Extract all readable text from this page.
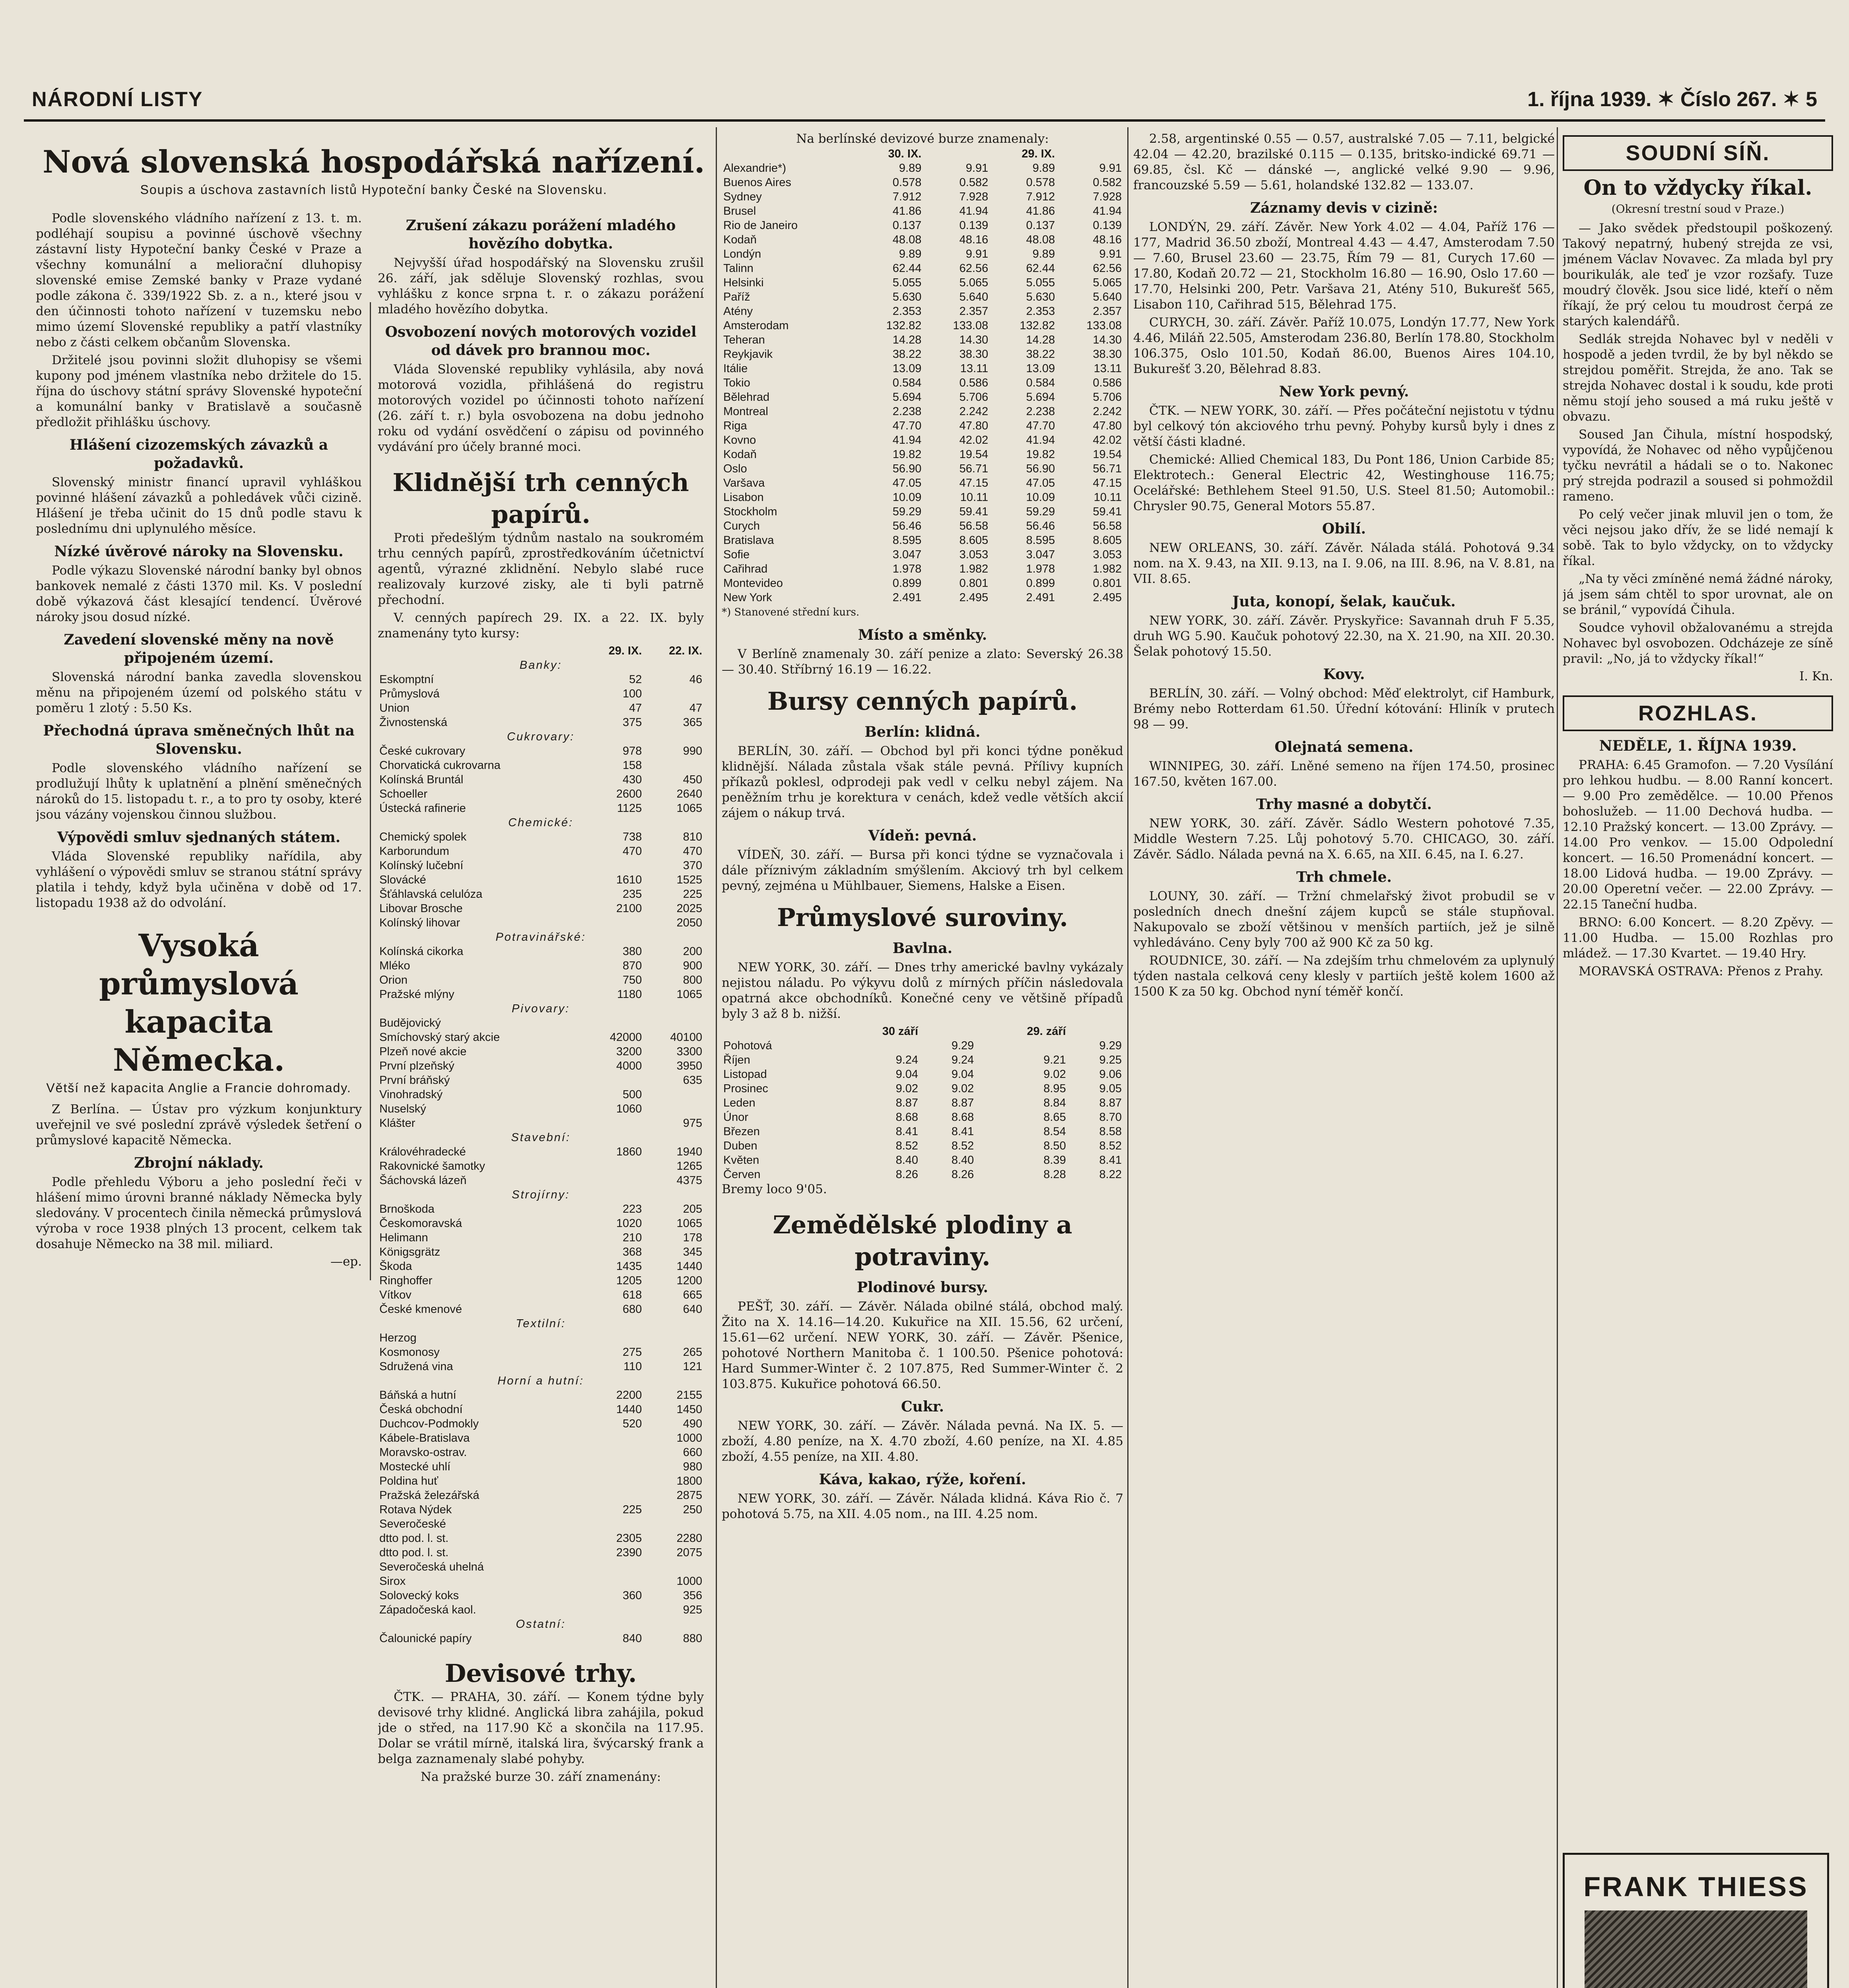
NÁRODNÍ LISTY	1. října 1939. ✶ Číslo 267. ✶ 5
Nová slovenská hospodářská nařízení.
Soupis a úschova zastavních listů Hypoteční banky České na Slovensku.

Podle slovenského vládního nařízení z 13. t. m. podléhají soupisu a povinné úschově všechny zástavní listy Hypoteční banky České v Praze a všechny komunální a meliorační dluhopisy slovenské emise Zemské banky v Praze vydané podle zákona č. 339/1922 Sb. z. a n., které jsou v den účinnosti tohoto nařízení v tuzemsku nebo mimo území Slovenské republiky a patří vlastníky nebo z části celkem občanům Slovenska.

Držitelé jsou povinni složit dluhopisy se všemi kupony pod jménem vlastníka nebo držitele do 15. října do úschovy státní správy Slovenské hypoteční a komunální banky v Bratislavě a současně předložit přihlášku úschovy.

Hlášení cizozemských závazků a požadavků.

Slovenský ministr financí upravil vyhláškou povinné hlášení závazků a pohledávek vůči cizině. Hlášení je třeba učinit do 15 dnů podle stavu k poslednímu dni uplynulého měsíce.

Nízké úvěrové nároky na Slovensku.

Podle výkazu Slovenské národní banky byl obnos bankovek nemalé z části 1370 mil. Ks. V poslední době výkazová část klesající tendencí. Úvěrové nároky jsou dosud nízké.

Zavedení slovenské měny na nově připojeném území.

Slovenská národní banka zavedla slovenskou měnu na připojeném území od polského státu v poměru 1 zlotý : 5.50 Ks.

Přechodná úprava směnečných lhůt na Slovensku.

Podle slovenského vládního nařízení se prodlužují lhůty k uplatnění a plnění směnečných nároků do 15. listopadu t. r., a to pro ty osoby, které jsou vázány vojenskou činnou službou.

Výpovědi smluv sjednaných státem.

Vláda Slovenské republiky nařídila, aby vyhlášení o výpovědi smluv se stranou státní správy platila i tehdy, když byla učiněna v době od 17. listopadu 1938 až do odvolání.

Vysoká průmyslová kapacita Německa.
Větší než kapacita Anglie a Francie dohromady.

Z Berlína. — Ústav pro výzkum konjunktury uveřejnil ve své poslední zprávě výsledek šetření o průmyslové kapacitě Německa.

Zbrojní náklady.

Podle přehledu Výboru a jeho poslední řeči v hlášení mimo úrovni branné náklady Německa byly sledovány. V procentech činila německá průmyslová výroba v roce 1938 plných 13 procent, celkem tak dosahuje Německo na 38 mil. miliard.

—ep.
Zrušení zákazu porážení mladého hovězího dobytka.

Nejvyšší úřad hospodářský na Slovensku zrušil 26. září, jak sděluje Slovenský rozhlas, svou vyhlášku z konce srpna t. r. o zákazu porážení mladého hovězího dobytka.

Osvobození nových motorových vozidel od dávek pro brannou moc.

Vláda Slovenské republiky vyhlásila, aby nová motorová vozidla, přihlášená do registru motorových vozidel po účinnosti tohoto nařízení (26. září t. r.) byla osvobozena na dobu jednoho roku od vydání osvědčení o zápisu od povinného vydávání pro účely branné moci.

Klidnější trh cenných papírů.

Proti předešlým týdnům nastalo na soukromém trhu cenných papírů, zprostředkováním účetnictví agentů, výrazné zklidnění. Nebylo slabé ruce realizovaly kurzové zisky, ale ti byli patrně přechodní.

V. cenných papírech 29. IX. a 22. IX. byly znamenány tyto kursy:

	29. IX.	22. IX.
Banky:		
Eskomptní	52	46
Průmyslová	100	
Union	47	47
Živnostenská	375	365
Cukrovary:		
České cukrovary	978	990
Chorvatická cukrovarna	158	
Kolínská Bruntál	430	450
Schoeller	2600	2640
Ústecká rafinerie	1125	1065
Chemické:		
Chemický spolek	738	810
Karborundum	470	470
Kolínský lučební		370
Slovácké	1610	1525
Šťáhlavská celulóza	235	225
Libovar Brosche	2100	2025
Kolínský lihovar		2050
Potravinářské:		
Kolínská cikorka	380	200
Mléko	870	900
Orion	750	800
Pražské mlýny	1180	1065
Pivovary:		
Budějovický		
Smíchovský starý akcie	42000	40100
Plzeň nové akcie	3200	3300
První plzeňský	4000	3950
První bráňský		635
Vinohradský	500	
Nuselský	1060	
Klášter		975
Stavební:		
Královéhradecké	1860	1940
Rakovnické šamotky		1265
Šáchovská lázeň		4375
Strojírny:		
Brnoškoda	223	205
Českomoravská	1020	1065
Helimann	210	178
Königsgrätz	368	345
Škoda	1435	1440
Ringhoffer	1205	1200
Vítkov	618	665
České kmenové	680	640
Textilní:		
Herzog		
Kosmonosy	275	265
Sdružená vina	110	121
Horní a hutní:		
Báňská a hutní	2200	2155
Česká obchodní	1440	1450
Duchcov-Podmokly	520	490
Kábele-Bratislava		1000
Moravsko-ostrav.		660
Mostecké uhlí		980
Poldina huť		1800
Pražská železářská		2875
Rotava Nýdek	225	250
Severočeské		
dtto pod. l. st.	2305	2280
dtto pod. l. st.	2390	2075
Severočeská uhelná		
Sirox		1000
Solovecký koks	360	356
Západočeská kaol.		925
Ostatní:		
Čalounické papíry	840	880
Devisové trhy.

ČTK. — PRAHA, 30. září. — Konem týdne byly devisové trhy klidné. Anglická libra zahájila, pokud jde o střed, na 117.90 Kč a skončila na 117.95. Dolar se vrátil mírně, italská lira, švýcarský frank a belga zaznamenaly slabé pohyby.

Na pražské burze 30. září znamenány:
Na berlínské devizové burze znamenaly:
	30. IX.		29. IX.	
Alexandrie*)	9.89	9.91	9.89	9.91
Buenos Aires	0.578	0.582	0.578	0.582
Sydney	7.912	7.928	7.912	7.928
Brusel	41.86	41.94	41.86	41.94
Rio de Janeiro	0.137	0.139	0.137	0.139
Kodaň	48.08	48.16	48.08	48.16
Londýn	9.89	9.91	9.89	9.91
Talinn	62.44	62.56	62.44	62.56
Helsinki	5.055	5.065	5.055	5.065
Paříž	5.630	5.640	5.630	5.640
Atény	2.353	2.357	2.353	2.357
Amsterodam	132.82	133.08	132.82	133.08
Teheran	14.28	14.30	14.28	14.30
Reykjavik	38.22	38.30	38.22	38.30
Itálie	13.09	13.11	13.09	13.11
Tokio	0.584	0.586	0.584	0.586
Bělehrad	5.694	5.706	5.694	5.706
Montreal	2.238	2.242	2.238	2.242
Riga	47.70	47.80	47.70	47.80
Kovno	41.94	42.02	41.94	42.02
Kodaň	19.82	19.54	19.82	19.54
Oslo	56.90	56.71	56.90	56.71
Varšava	47.05	47.15	47.05	47.15
Lisabon	10.09	10.11	10.09	10.11
Stockholm	59.29	59.41	59.29	59.41
Curych	56.46	56.58	56.46	56.58
Bratislava	8.595	8.605	8.595	8.605
Sofie	3.047	3.053	3.047	3.053
Cařihrad	1.978	1.982	1.978	1.982
Montevideo	0.899	0.801	0.899	0.801
New York	2.491	2.495	2.491	2.495
*) Stanovené střední kurs.
Místo a směnky.

V Berlíně znamenaly 30. září penize a zlato: Severský 26.38 — 30.40. Stříbrný 16.19 — 16.22.

Bursy cenných papírů.
Berlín: klidná.

BERLÍN, 30. září. — Obchod byl při konci týdne poněkud klidnější. Nálada zůstala však stále pevná. Přílivy kupních příkazů poklesl, odprodeji pak vedl v celku nebyl zájem. Na peněžním trhu je korektura v cenách, kdež vedle větších akcií zájem o nákup trvá.

Vídeň: pevná.

VÍDEŇ, 30. září. — Bursa při konci týdne se vyznačovala i dále příznivým základním smýšlením. Akciový trh byl celkem pevný, zejména u Mühlbauer, Siemens, Halske a Eisen.

Průmyslové suroviny.
Bavlna.

NEW YORK, 30. září. — Dnes trhy americké bavlny vykázaly nejistou náladu. Po výkyvu dolů z mírných příčin následovala opatrná akce obchodníků. Konečné ceny ve většině případů byly 3 až 8 b. nižší.

	30 září		29. září	
Pohotová		9.29		9.29
Říjen	9.24	9.24	9.21	9.25
Listopad	9.04	9.04	9.02	9.06
Prosinec	9.02	9.02	8.95	9.05
Leden	8.87	8.87	8.84	8.87
Únor	8.68	8.68	8.65	8.70
Březen	8.41	8.41	8.54	8.58
Duben	8.52	8.52	8.50	8.52
Květen	8.40	8.40	8.39	8.41
Červen	8.26	8.26	8.28	8.22
Bremy loco 9'05.
Zemědělské plodiny a potraviny.
Plodinové bursy.

PEŠŤ, 30. září. — Závěr. Nálada obilné stálá, obchod malý. Žito na X. 14.16—14.20. Kukuřice na XII. 15.56, 62 určení, 15.61—62 určení. NEW YORK, 30. září. — Závěr. Pšenice, pohotové Northern Manitoba č. 1 100.50. Pšenice pohotová: Hard Summer-Winter č. 2 107.875, Red Summer-Winter č. 2 103.875. Kukuřice pohotová 66.50.

Cukr.

NEW YORK, 30. září. — Závěr. Nálada pevná. Na IX. 5. — zboží, 4.80 peníze, na X. 4.70 zboží, 4.60 peníze, na XI. 4.85 zboží, 4.55 peníze, na XII. 4.80.

Káva, kakao, rýže, koření.

NEW YORK, 30. září. — Závěr. Nálada klidná. Káva Rio č. 7 pohotová 5.75, na XII. 4.05 nom., na III. 4.25 nom.

2.58, argentinské 0.55 — 0.57, australské 7.05 — 7.11, belgické 42.04 — 42.20, brazilské 0.115 — 0.135, britsko-indické 69.71 — 69.85, čsl. Kč — dánské —, anglické velké 9.90 — 9.96, francouzské 5.59 — 5.61, holandské 132.82 — 133.07.

Záznamy devis v cizině:

LONDÝN, 29. září. Závěr. New York 4.02 — 4.04, Paříž 176 — 177, Madrid 36.50 zboží, Montreal 4.43 — 4.47, Amsterodam 7.50 — 7.60, Brusel 23.60 — 23.75, Řím 79 — 81, Curych 17.60 — 17.80, Kodaň 20.72 — 21, Stockholm 16.80 — 16.90, Oslo 17.60 — 17.70, Helsinki 200, Petr. Varšava 21, Atény 510, Bukurešť 565, Lisabon 110, Cařihrad 515, Bělehrad 175.

CURYCH, 30. září. Závěr. Paříž 10.075, Londýn 17.77, New York 4.46, Miláň 22.505, Amsterodam 236.80, Berlín 178.80, Stockholm 106.375, Oslo 101.50, Kodaň 86.00, Buenos Aires 104.10, Bukurešť 3.20, Bělehrad 8.83.

New York pevný.

ČTK. — NEW YORK, 30. září. — Přes počáteční nejistotu v týdnu byl celkový tón akciového trhu pevný. Pohyby kursů byly i dnes z větší části kladné.

Chemické: Allied Chemical 183, Du Pont 186, Union Carbide 85; Elektrotech.: General Electric 42, Westinghouse 116.75; Ocelářské: Bethlehem Steel 91.50, U.S. Steel 81.50; Automobil.: Chrysler 90.75, General Motors 55.87.

Obilí.

NEW ORLEANS, 30. září. Závěr. Nálada stálá. Pohotová 9.34 nom. na X. 9.43, na XII. 9.13, na I. 9.06, na III. 8.96, na V. 8.81, na VII. 8.65.

Juta, konopí, šelak, kaučuk.

NEW YORK, 30. září. Závěr. Pryskyřice: Savannah druh F 5.35, druh WG 5.90. Kaučuk pohotový 22.30, na X. 21.90, na XII. 20.30. Šelak pohotový 15.50.

Kovy.

BERLÍN, 30. září. — Volný obchod: Měď elektrolyt, cif Hamburk, Brémy nebo Rotterdam 61.50. Úřední kótování: Hliník v prutech 98 — 99.

Olejnatá semena.

WINNIPEG, 30. září. Lněné semeno na říjen 174.50, prosinec 167.50, květen 167.00.

Trhy masné a dobytčí.

NEW YORK, 30. září. Závěr. Sádlo Western pohotové 7.35, Middle Western 7.25. Lůj pohotový 5.70. CHICAGO, 30. září. Závěr. Sádlo. Nálada pevná na X. 6.65, na XII. 6.45, na I. 6.27.

Trh chmele.

LOUNY, 30. září. — Tržní chmelařský život probudil se v posledních dnech dnešní zájem kupců se stále stupňoval. Nakupovalo se zboží většinou v menších partiích, jež je silně vyhledáváno. Ceny byly 700 až 900 Kč za 50 kg.

ROUDNICE, 30. září. — Na zdejším trhu chmelovém za uplynulý týden nastala celková ceny klesly v partiích ještě kolem 1600 až 1500 K za 50 kg. Obchod nyní téměř končí.

SOUDNÍ SÍŇ.
On to vždycky říkal.
(Okresní trestní soud v Praze.)

— Jako svědek předstoupil poškozený. Takový nepatrný, hubený strejda ze vsi, jménem Václav Novavec. Za mlada byl pry bourikulák, ale teď je vzor rozšafy. Tuze moudrý člověk. Jsou sice lidé, kteří o něm říkají, že prý celou tu moudrost čerpá ze starých kalendářů.

Sedlák strejda Nohavec byl v neděli v hospodě a jeden tvrdil, že by byl někdo se strejdou poměřit. Strejda, že ano. Tak se strejda Nohavec dostal i k soudu, kde proti němu stojí jeho soused a má ruku ještě v obvazu.

Soused Jan Čihula, místní hospodský, vypovídá, že Nohavec od něho vypůjčenou tyčku nevrátil a hádali se o to. Nakonec prý strejda podrazil a soused si pohmoždil rameno.

Po celý večer jinak mluvil jen o tom, že věci nejsou jako dřív, že se lidé nemají k sobě. Tak to bylo vždycky, on to vždycky říkal.

„Na ty věci zmíněné nemá žádné nároky, já jsem sám chtěl to spor urovnat, ale on se bránil,“ vypovídá Čihula.

Soudce vyhovil obžalovanému a strejda Nohavec byl osvobozen. Odcházeje ze síně pravil: „No, já to vždycky říkal!“

I. Kn.
ROZHLAS.
NEDĚLE, 1. ŘÍJNA 1939.

PRAHA: 6.45 Gramofon. — 7.20 Vysílání pro lehkou hudbu. — 8.00 Ranní koncert. — 9.00 Pro zemědělce. — 10.00 Přenos bohoslužeb. — 11.00 Dechová hudba. — 12.10 Pražský koncert. — 13.00 Zprávy. — 14.00 Pro venkov. — 15.00 Odpolední koncert. — 16.50 Promenádní koncert. — 18.00 Lidová hudba. — 19.00 Zprávy. — 20.00 Operetní večer. — 22.00 Zprávy. — 22.15 Taneční hudba.

BRNO: 6.00 Koncert. — 8.20 Zpěvy. — 11.00 Hudba. — 15.00 Rozhlas pro mládež. — 17.30 Kvartet. — 19.40 Hry.

MORAVSKÁ OSTRAVA: Přenos z Prahy.

FRANK THIESS
